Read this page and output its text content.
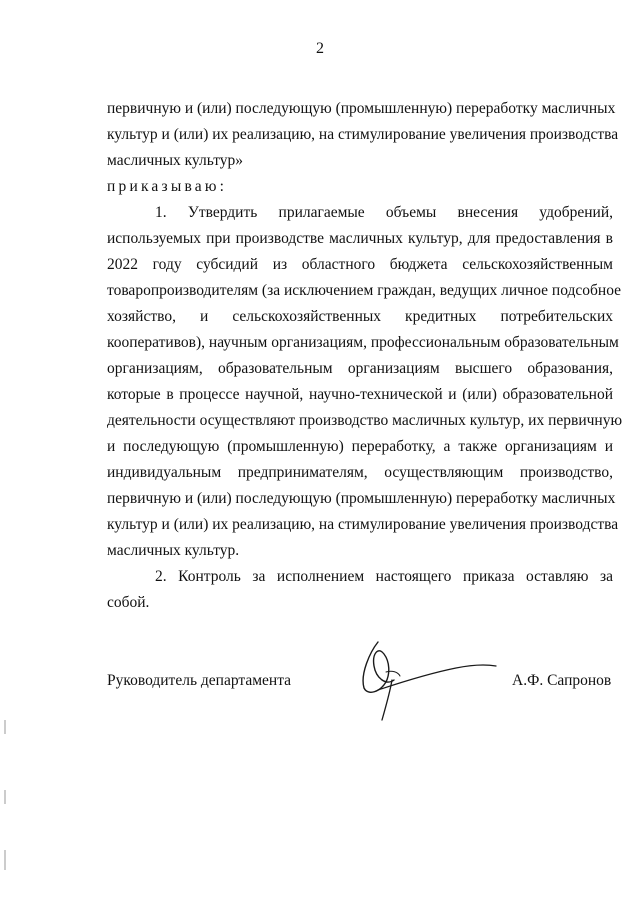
2
первичную и (или) последующую (промышленную) переработку масличных
культур и (или) их реализацию, на стимулирование увеличения производства
масличных культур»
приказываю:
1. Утвердить прилагаемые объемы внесения удобрений,
используемых при производстве масличных культур, для предоставления в
2022 году субсидий из областного бюджета сельскохозяйственным
товаропроизводителям (за исключением граждан, ведущих личное подсобное
хозяйство, и сельскохозяйственных кредитных потребительских
кооперативов), научным организациям, профессиональным образовательным
организациям, образовательным организациям высшего образования,
которые в процессе научной, научно-технической и (или) образовательной
деятельности осуществляют производство масличных культур, их первичную
и последующую (промышленную) переработку, а также организациям и
индивидуальным предпринимателям, осуществляющим производство,
первичную и (или) последующую (промышленную) переработку масличных
культур и (или) их реализацию, на стимулирование увеличения производства
масличных культур.
2. Контроль за исполнением настоящего приказа оставляю за
собой.
Руководитель департамента	А.Ф. Сапронов
